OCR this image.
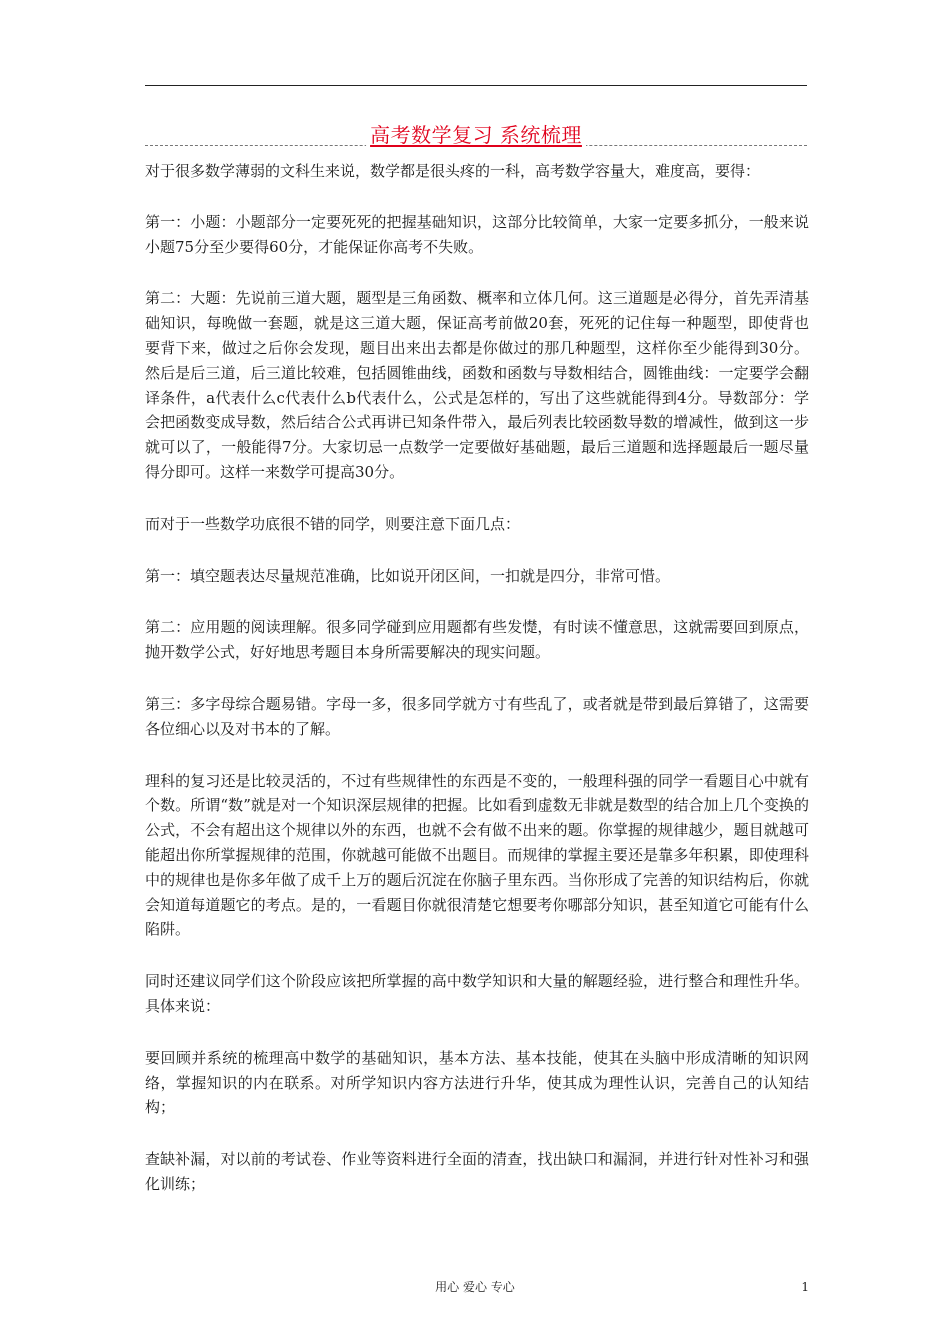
高考数学复习 系统梳理

对于很多数学薄弱的文科生来说，数学都是很头疼的一科，高考数学容量大，难度高，要得：

第一：小题：小题部分一定要死死的把握基础知识，这部分比较简单，大家一定要多抓分，一般来说小题75分至少要得60分，才能保证你高考不失败。

第二：大题：先说前三道大题，题型是三角函数、概率和立体几何。这三道题是必得分，首先弄清基础知识，每晚做一套题，就是这三道大题，保证高考前做20套，死死的记住每一种题型，即使背也要背下来，做过之后你会发现，题目出来出去都是你做过的那几种题型，这样你至少能得到30分。然后是后三道，后三道比较难，包括圆锥曲线，函数和函数与导数相结合，圆锥曲线：一定要学会翻译条件，a代表什么c代表什么b代表什么，公式是怎样的，写出了这些就能得到4分。导数部分：学会把函数变成导数，然后结合公式再讲已知条件带入，最后列表比较函数导数的增减性，做到这一步就可以了，一般能得7分。大家切忌一点数学一定要做好基础题，最后三道题和选择题最后一题尽量得分即可。这样一来数学可提高30分。

而对于一些数学功底很不错的同学，则要注意下面几点：

第一：填空题表达尽量规范准确，比如说开闭区间，一扣就是四分，非常可惜。

第二：应用题的阅读理解。很多同学碰到应用题都有些发憷，有时读不懂意思，这就需要回到原点，抛开数学公式，好好地思考题目本身所需要解决的现实问题。

第三：多字母综合题易错。字母一多，很多同学就方寸有些乱了，或者就是带到最后算错了，这需要各位细心以及对书本的了解。

理科的复习还是比较灵活的，不过有些规律性的东西是不变的，一般理科强的同学一看题目心中就有个数。所谓“数”就是对一个知识深层规律的把握。比如看到虚数无非就是数型的结合加上几个变换的公式，不会有超出这个规律以外的东西，也就不会有做不出来的题。你掌握的规律越少，题目就越可能超出你所掌握规律的范围，你就越可能做不出题目。而规律的掌握主要还是靠多年积累，即使理科中的规律也是你多年做了成千上万的题后沉淀在你脑子里东西。当你形成了完善的知识结构后，你就会知道每道题它的考点。是的，一看题目你就很清楚它想要考你哪部分知识，甚至知道它可能有什么陷阱。

同时还建议同学们这个阶段应该把所掌握的高中数学知识和大量的解题经验，进行整合和理性升华。具体来说：

要回顾并系统的梳理高中数学的基础知识，基本方法、基本技能，使其在头脑中形成清晰的知识网络，掌握知识的内在联系。对所学知识内容方法进行升华，使其成为理性认识，完善自己的认知结构；

查缺补漏，对以前的考试卷、作业等资料进行全面的清查，找出缺口和漏洞，并进行针对性补习和强化训练；

用心 爱心 专心	1
